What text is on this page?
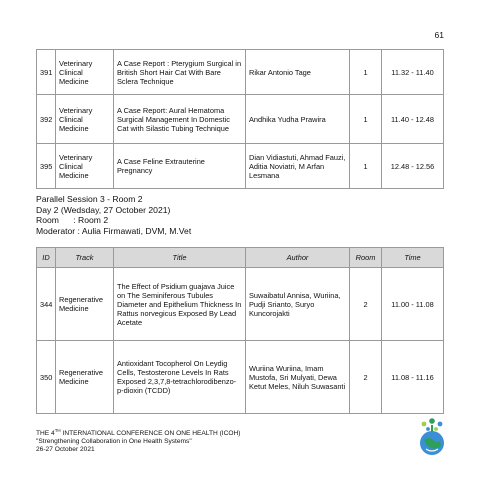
61
391	Veterinary Clinical Medicine	A Case Report : Pterygium Surgical in British Short Hair Cat With Bare Sclera Technique	Rikar Antonio Tage	1	11.32 - 11.40
392	Veterinary Clinical Medicine	A Case Report: Aural Hematoma Surgical Management In Domestic Cat with Silastic Tubing Technique	Andhika Yudha Prawira	1	11.40 - 12.48
395	Veterinary Clinical Medicine	A Case Feline Extrauterine Pregnancy	Dian Vidiastuti, Ahmad Fauzi, Aditia Noviatri, M Arfan Lesmana	1	12.48 - 12.56
Parallel Session 3 - Room 2
Day 2 (Wedsday, 27 October 2021)
Room      : Room 2
Moderator : Aulia Firmawati, DVM, M.Vet
ID	Track	Title	Author	Room	Time
344	Regenerative Medicine	The Effect of Psidium guajava Juice on The Seminiferous Tubules Diameter and Epithelium Thickness In Rattus norvegicus Exposed By Lead Acetate	Suwaibatul Annisa, Wuriina, Pudji Srianto, Suryo Kuncorojakti	2	11.00 - 11.08
350	Regenerative Medicine	Antioxidant Tocopherol On Leydig Cells, Testosterone Levels In Rats Exposed 2,3,7,8-tetrachlorodibenzo-p-dioxin (TCDD)	Wuriina Wuriina, Imam Mustofa, Sri Mulyati, Dewa Ketut Meles, Niluh Suwasanti	2	11.08 - 11.16
THE 4TH INTERNATIONAL CONFERENCE ON ONE HEALTH (ICOH)
"Strengthening Collaboration in One Health Systems"
26-27 October 2021
